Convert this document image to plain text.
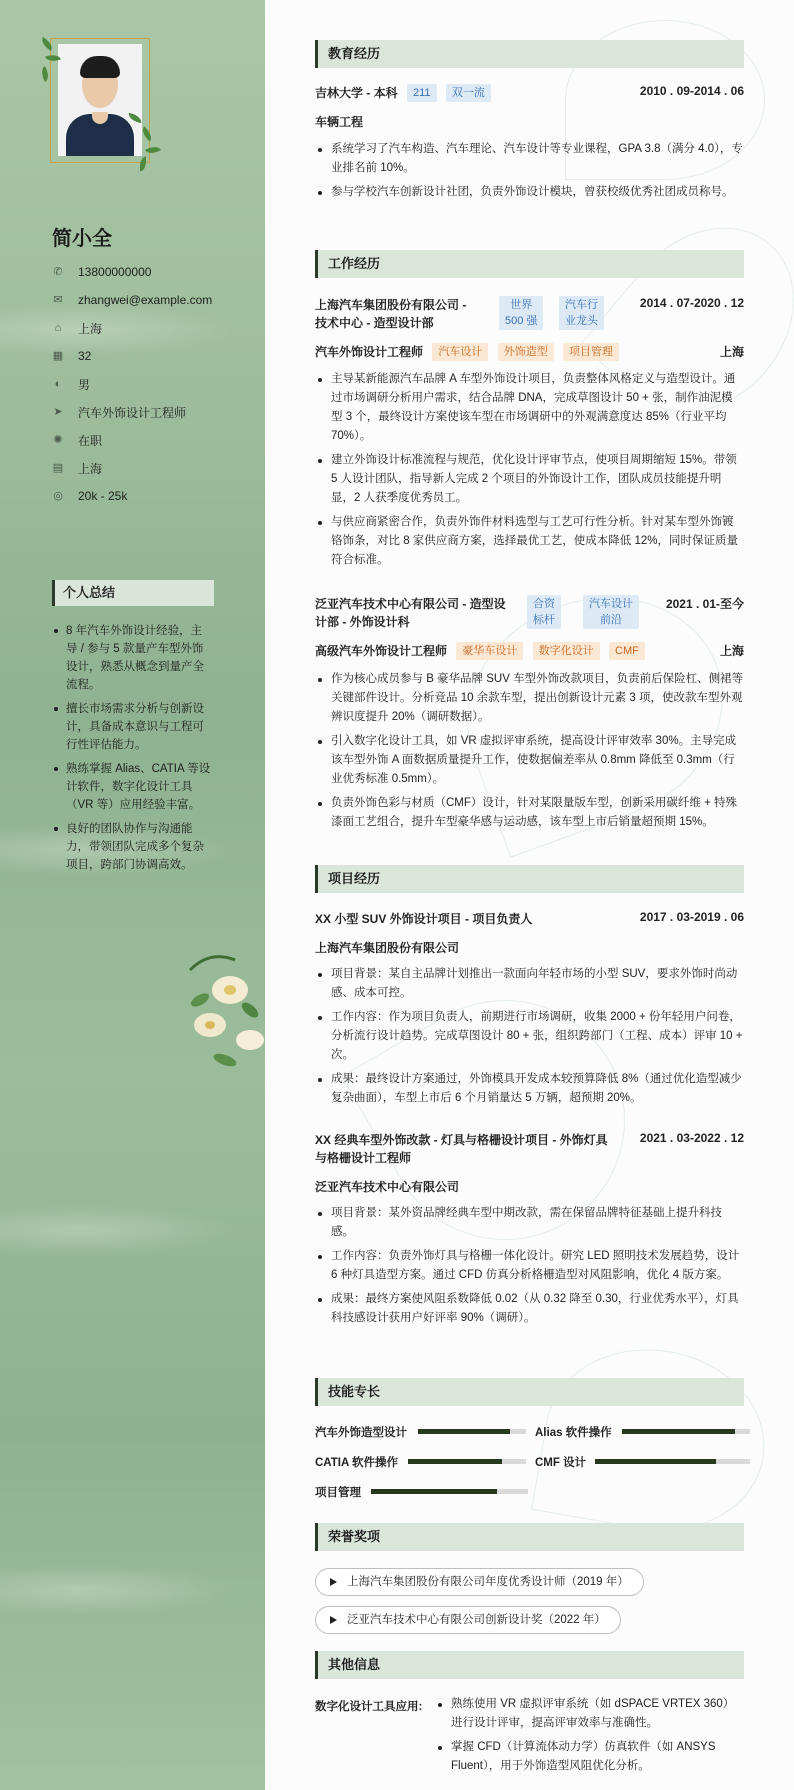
简小全
✆ 13800000000
✉ zhangwei@example.com
⌂ 上海
▦ 32
◐ 男
➤ 汽车外饰设计工程师
✺ 在职
▤ 上海
◎ 20k - 25k
个人总结
8 年汽车外饰设计经验，主导 / 参与 5 款量产车型外饰设计，熟悉从概念到量产全流程。
擅长市场需求分析与创新设计，具备成本意识与工程可行性评估能力。
熟练掌握 Alias、CATIA 等设计软件，数字化设计工具（VR 等）应用经验丰富。
良好的团队协作与沟通能力，带领团队完成多个复杂项目，跨部门协调高效。
教育经历
吉林大学 - 本科 211 双一流	2010 . 09-2014 . 06
车辆工程
系统学习了汽车构造、汽车理论、汽车设计等专业课程，GPA 3.8（满分 4.0），专业排名前 10%。
参与学校汽车创新设计社团，负责外饰设计模块，曾获校级优秀社团成员称号。
工作经历
上海汽车集团股份有限公司 -
技术中心 - 造型设计部
世界
500 强
汽车行
业龙头
2014 . 07-2020 . 12
汽车外饰设计工程师 汽车设计 外饰造型 项目管理	上海
主导某新能源汽车品牌 A 车型外饰设计项目，负责整体风格定义与造型设计。通过市场调研分析用户需求，结合品牌 DNA，完成草图设计 50 + 张，制作油泥模型 3 个，最终设计方案使该车型在市场调研中的外观满意度达 85%（行业平均 70%）。
建立外饰设计标准流程与规范，优化设计评审节点，使项目周期缩短 15%。带领 5 人设计团队，指导新人完成 2 个项目的外饰设计工作，团队成员技能提升明显，2 人获季度优秀员工。
与供应商紧密合作，负责外饰件材料选型与工艺可行性分析。针对某车型外饰镀铬饰条，对比 8 家供应商方案，选择最优工艺，使成本降低 12%，同时保证质量符合标准。
泛亚汽车技术中心有限公司 - 造型设
计部 - 外饰设计科
合资
标杆
汽车设计
前沿
2021 . 01-至今
高级汽车外饰设计工程师 豪华车设计 数字化设计 CMF	上海
作为核心成员参与 B 豪华品牌 SUV 车型外饰改款项目，负责前后保险杠、侧裙等关键部件设计。分析竞品 10 余款车型，提出创新设计元素 3 项，使改款车型外观辨识度提升 20%（调研数据）。
引入数字化设计工具，如 VR 虚拟评审系统，提高设计评审效率 30%。主导完成该车型外饰 A 面数据质量提升工作，使数据偏差率从 0.8mm 降低至 0.3mm（行业优秀标准 0.5mm）。
负责外饰色彩与材质（CMF）设计，针对某限量版车型，创新采用碳纤维 + 特殊漆面工艺组合，提升车型豪华感与运动感，该车型上市后销量超预期 15%。
项目经历
XX 小型 SUV 外饰设计项目 - 项目负责人	2017 . 03-2019 . 06
上海汽车集团股份有限公司
项目背景：某自主品牌计划推出一款面向年轻市场的小型 SUV，要求外饰时尚动感、成本可控。
工作内容：作为项目负责人，前期进行市场调研，收集 2000 + 份年轻用户问卷，分析流行设计趋势。完成草图设计 80 + 张，组织跨部门（工程、成本）评审 10 + 次。
成果：最终设计方案通过，外饰模具开发成本较预算降低 8%（通过优化造型减少复杂曲面），车型上市后 6 个月销量达 5 万辆，超预期 20%。
XX 经典车型外饰改款 - 灯具与格栅设计项目 - 外饰灯具
与格栅设计工程师
2021 . 03-2022 . 12
泛亚汽车技术中心有限公司
项目背景：某外资品牌经典车型中期改款，需在保留品牌特征基础上提升科技感。
工作内容：负责外饰灯具与格栅一体化设计。研究 LED 照明技术发展趋势，设计 6 种灯具造型方案。通过 CFD 仿真分析格栅造型对风阻影响，优化 4 版方案。
成果：最终方案使风阻系数降低 0.02（从 0.32 降至 0.30，行业优秀水平），灯具科技感设计获用户好评率 90%（调研）。
技能专长
汽车外饰造型设计	Alias 软件操作
CATIA 软件操作	CMF 设计
项目管理
荣誉奖项
上海汽车集团股份有限公司年度优秀设计师（2019 年）
泛亚汽车技术中心有限公司创新设计奖（2022 年）
其他信息
数字化设计工具应用:	熟练使用 VR 虚拟评审系统（如 dSPACE VRTEX 360）进行设计评审，提高评审效率与准确性。
掌握 CFD（计算流体动力学）仿真软件（如 ANSYS Fluent），用于外饰造型风阻优化分析。
